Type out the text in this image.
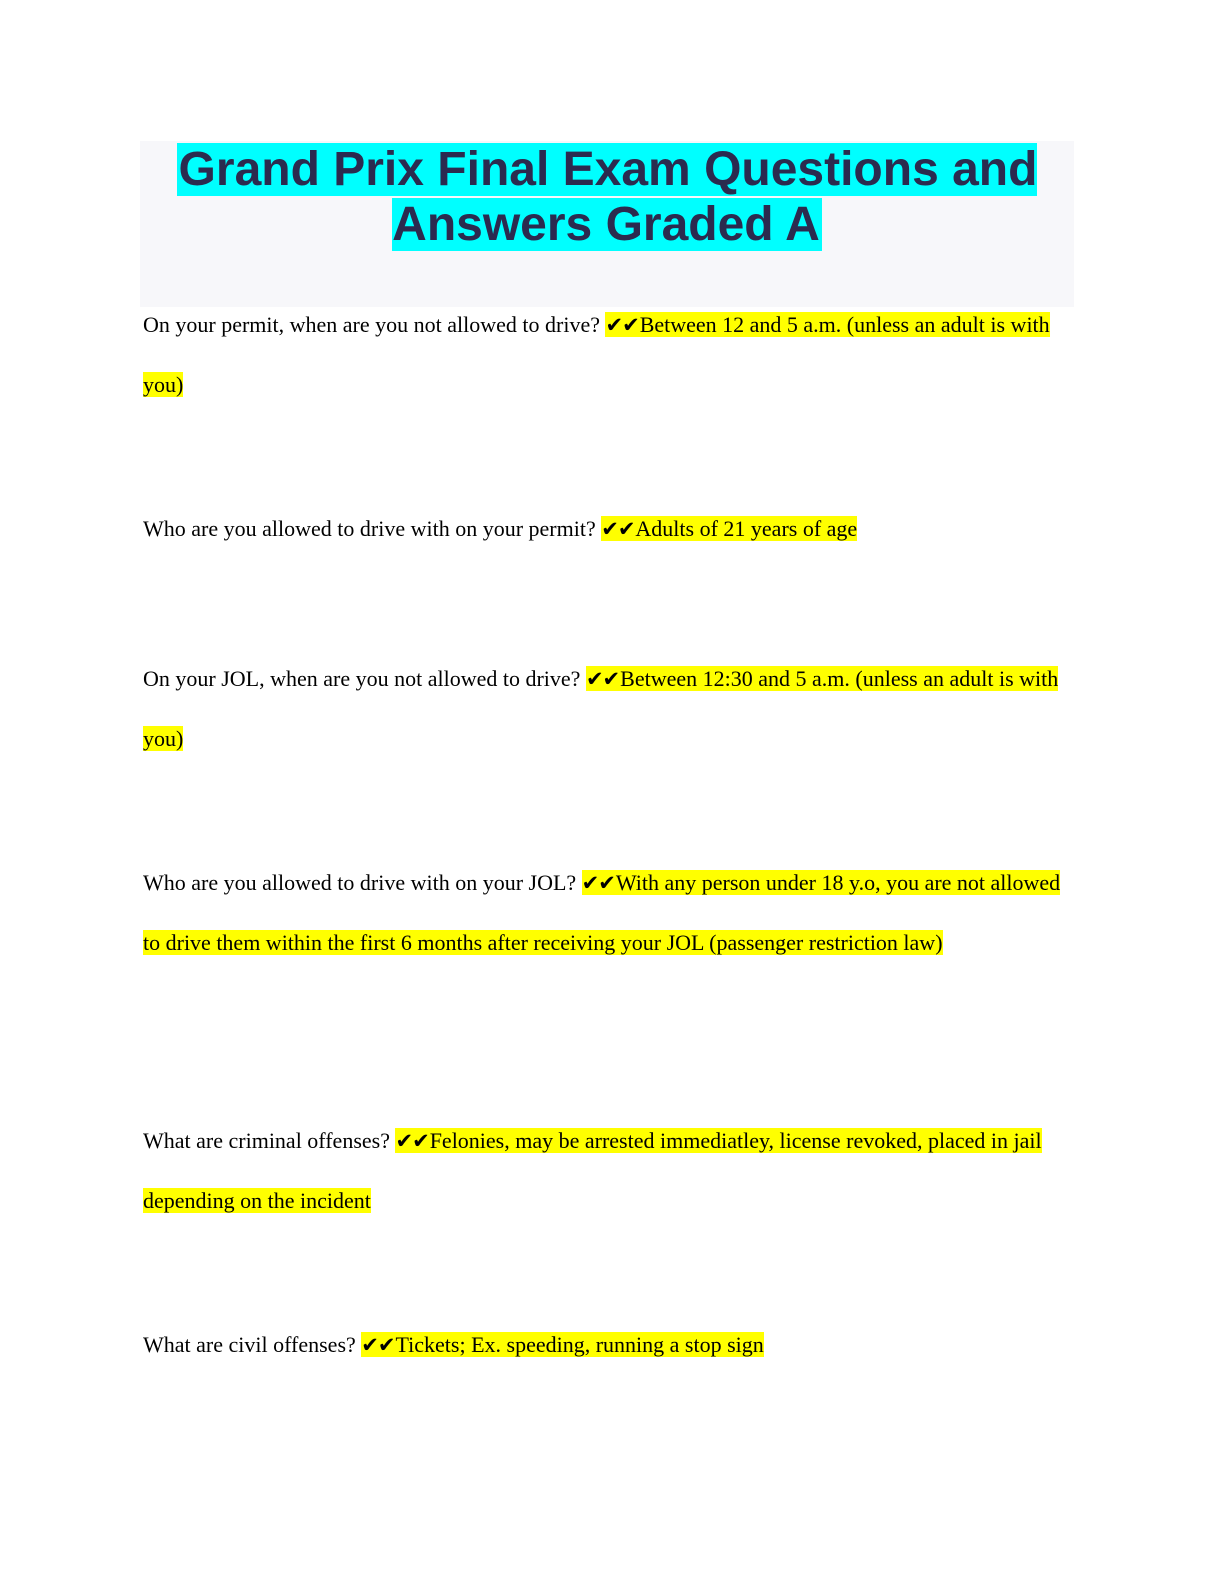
Grand Prix Final Exam Questions and Answers Graded A

On your permit, when are you not allowed to drive? ✔✔Between 12 and 5 a.m. (unless an adult is with you)

Who are you allowed to drive with on your permit? ✔✔Adults of 21 years of age

On your JOL, when are you not allowed to drive? ✔✔Between 12:30 and 5 a.m. (unless an adult is with you)

Who are you allowed to drive with on your JOL? ✔✔With any person under 18 y.o, you are not allowed to drive them within the first 6 months after receiving your JOL (passenger restriction law)

What are criminal offenses? ✔✔Felonies, may be arrested immediatley, license revoked, placed in jail depending on the incident

What are civil offenses? ✔✔Tickets; Ex. speeding, running a stop sign
